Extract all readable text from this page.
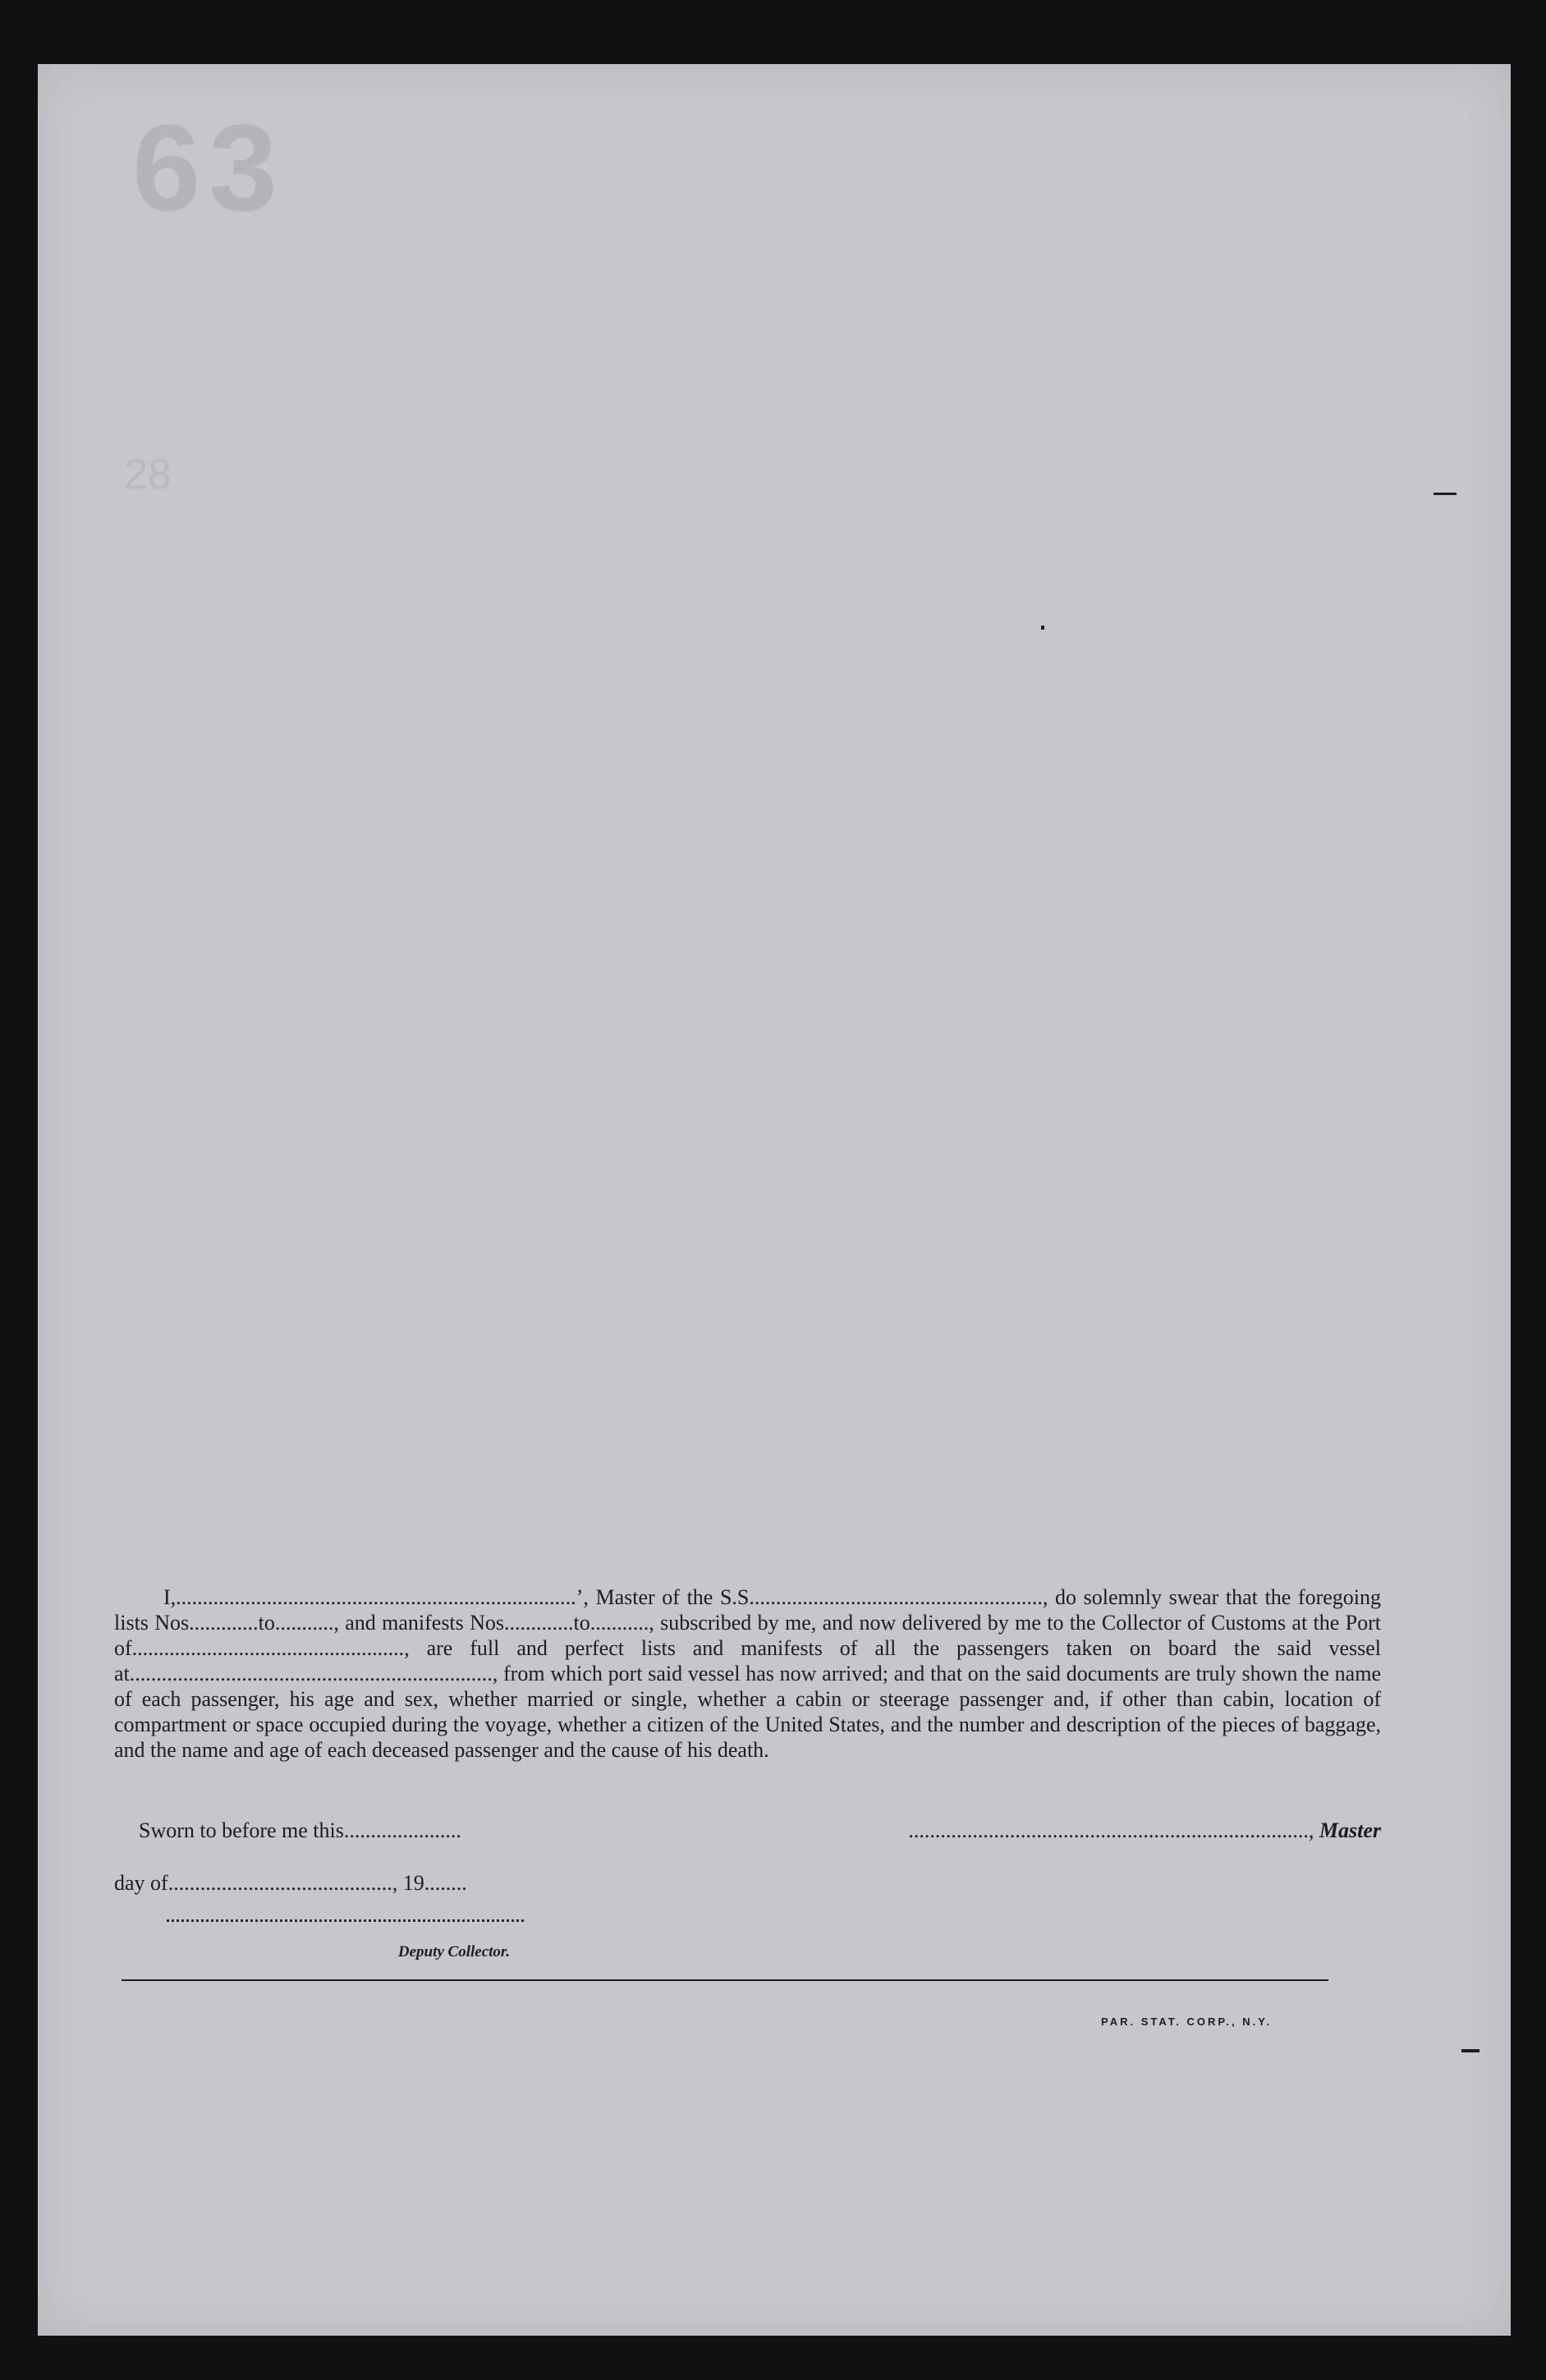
63
28

I,...........................................................................’, Master of the S.S......................................................., do solemnly swear that the foregoing lists Nos.............to..........., and manifests Nos.............to..........., subscribed by me, and now delivered by me to the Collector of Customs at the Port of..................................................., are full and perfect lists and manifests of all the passengers taken on board the said vessel at...................................................................., from which port said vessel has now arrived; and that on the said documents are truly shown the name of each passenger, his age and sex, whether married or single, whether a cabin or steerage passenger and, if other than cabin, location of compartment or space occupied during the voyage, whether a citizen of the United States, and the number and description of the pieces of baggage, and the name and age of each deceased passenger and the cause of his death.

Sworn to before me this......................
day of.........................................., 19........
..........................................................................., Master
Deputy Collector.
PAR. STAT. CORP., N.Y.
